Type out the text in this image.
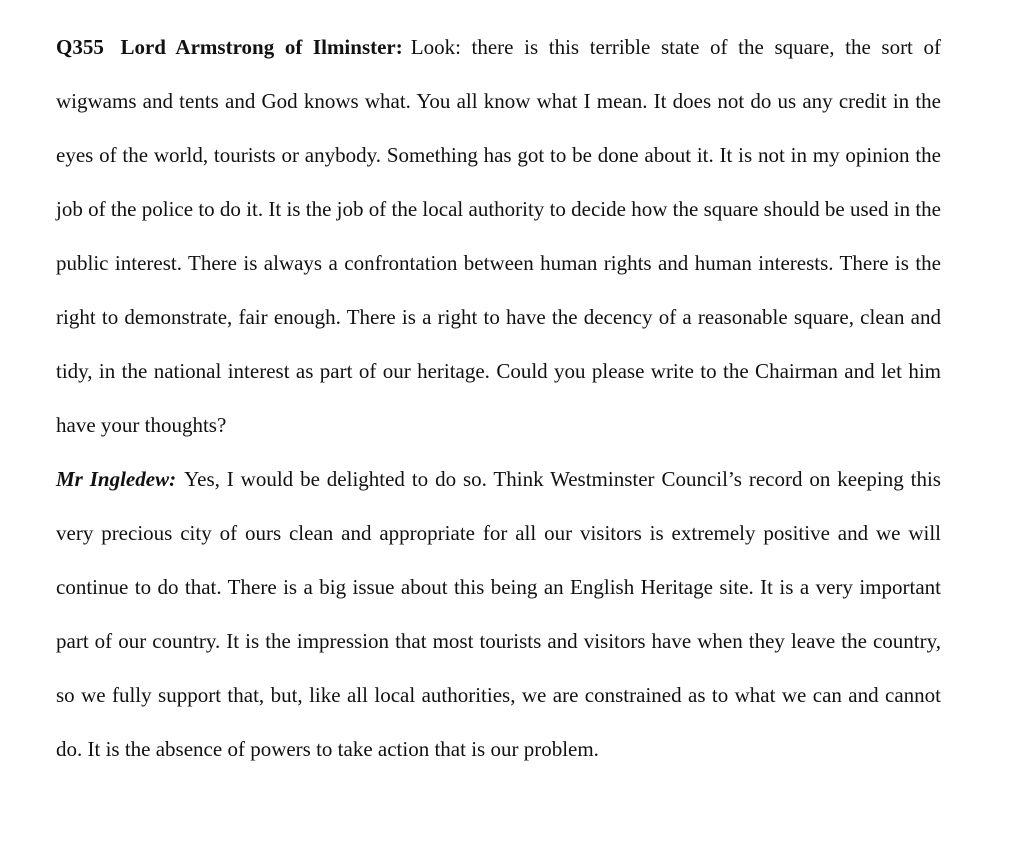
Q355 Lord Armstrong of Ilminster: Look: there is this terrible state of the square, the sort of wigwams and tents and God knows what. You all know what I mean. It does not do us any credit in the eyes of the world, tourists or anybody. Something has got to be done about it. It is not in my opinion the job of the police to do it. It is the job of the local authority to decide how the square should be used in the public interest. There is always a confrontation between human rights and human interests. There is the right to demonstrate, fair enough. There is a right to have the decency of a reasonable square, clean and tidy, in the national interest as part of our heritage. Could you please write to the Chairman and let him have your thoughts?

Mr Ingledew: Yes, I would be delighted to do so. Think Westminster Council’s record on keeping this very precious city of ours clean and appropriate for all our visitors is extremely positive and we will continue to do that. There is a big issue about this being an English Heritage site. It is a very important part of our country. It is the impression that most tourists and visitors have when they leave the country, so we fully support that, but, like all local authorities, we are constrained as to what we can and cannot do. It is the absence of powers to take action that is our problem.
